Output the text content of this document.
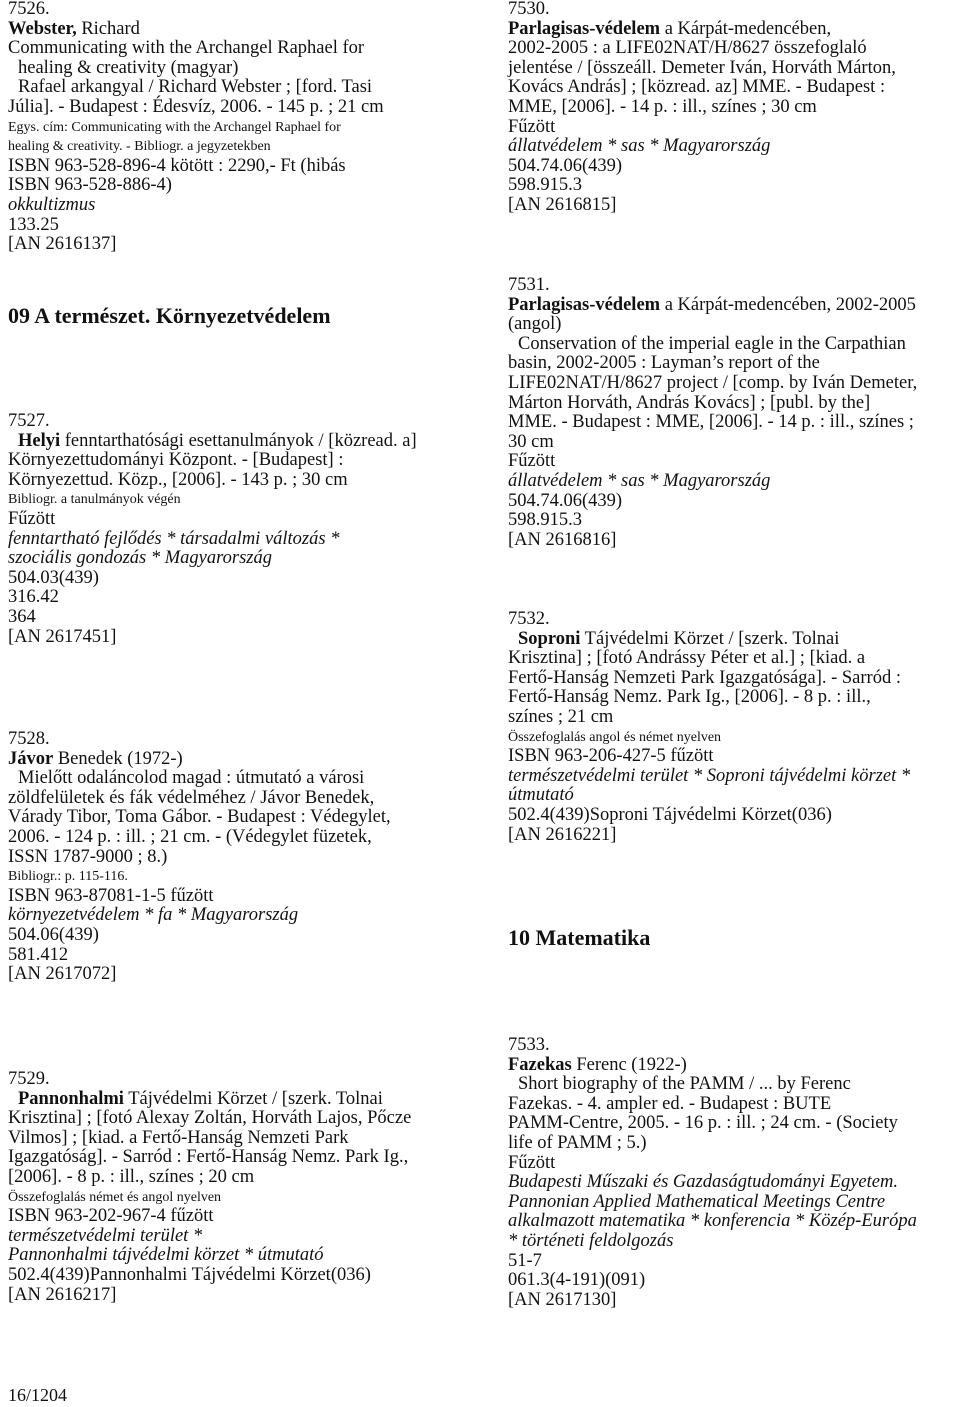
7526.
Webster, Richard
Communicating with the Archangel Raphael for
healing & creativity (magyar)
Rafael arkangyal / Richard Webster ; [ford. Tasi
Júlia]. - Budapest : Édesvíz, 2006. - 145 p. ; 21 cm
Egys. cím: Communicating with the Archangel Raphael for
healing & creativity. - Bibliogr. a jegyzetekben
ISBN 963-528-896-4 kötött : 2290,- Ft (hibás
ISBN 963-528-886-4)
okkultizmus
133.25
[AN 2616137]
09 A természet. Környezetvédelem
7527.
Helyi fenntarthatósági esettanulmányok / [közread. a]
Környezettudományi Központ. - [Budapest] :
Környezettud. Közp., [2006]. - 143 p. ; 30 cm
Bibliogr. a tanulmányok végén
Fűzött
fenntartható fejlődés * társadalmi változás *
szociális gondozás * Magyarország
504.03(439)
316.42
364
[AN 2617451]
7528.
Jávor Benedek (1972-)
Mielőtt odaláncolod magad : útmutató a városi
zöldfelületek és fák védelméhez / Jávor Benedek,
Várady Tibor, Toma Gábor. - Budapest : Védegylet,
2006. - 124 p. : ill. ; 21 cm. - (Védegylet füzetek,
ISSN 1787-9000 ; 8.)
Bibliogr.: p. 115-116.
ISBN 963-87081-1-5 fűzött
környezetvédelem * fa * Magyarország
504.06(439)
581.412
[AN 2617072]
7529.
Pannonhalmi Tájvédelmi Körzet / [szerk. Tolnai
Krisztina] ; [fotó Alexay Zoltán, Horváth Lajos, Pőcze
Vilmos] ; [kiad. a Fertő-Hanság Nemzeti Park
Igazgatóság]. - Sarród : Fertő-Hanság Nemz. Park Ig.,
[2006]. - 8 p. : ill., színes ; 20 cm
Összefoglalás német és angol nyelven
ISBN 963-202-967-4 fűzött
természetvédelmi terület *
Pannonhalmi tájvédelmi körzet * útmutató
502.4(439)Pannonhalmi Tájvédelmi Körzet(036)
[AN 2616217]
7530.
Parlagisas-védelem a Kárpát-medencében,
2002-2005 : a LIFE02NAT/H/8627 összefoglaló
jelentése / [összeáll. Demeter Iván, Horváth Márton,
Kovács András] ; [közread. az] MME. - Budapest :
MME, [2006]. - 14 p. : ill., színes ; 30 cm
Fűzött
állatvédelem * sas * Magyarország
504.74.06(439)
598.915.3
[AN 2616815]
7531.
Parlagisas-védelem a Kárpát-medencében, 2002-2005
(angol)
Conservation of the imperial eagle in the Carpathian
basin, 2002-2005 : Layman’s report of the
LIFE02NAT/H/8627 project / [comp. by Iván Demeter,
Márton Horváth, András Kovács] ; [publ. by the]
MME. - Budapest : MME, [2006]. - 14 p. : ill., színes ;
30 cm
Fűzött
állatvédelem * sas * Magyarország
504.74.06(439)
598.915.3
[AN 2616816]
7532.
Soproni Tájvédelmi Körzet / [szerk. Tolnai
Krisztina] ; [fotó Andrássy Péter et al.] ; [kiad. a
Fertő-Hanság Nemzeti Park Igazgatósága]. - Sarród :
Fertő-Hanság Nemz. Park Ig., [2006]. - 8 p. : ill.,
színes ; 21 cm
Összefoglalás angol és német nyelven
ISBN 963-206-427-5 fűzött
természetvédelmi terület * Soproni tájvédelmi körzet *
útmutató
502.4(439)Soproni Tájvédelmi Körzet(036)
[AN 2616221]
10 Matematika
7533.
Fazekas Ferenc (1922-)
Short biography of the PAMM / ... by Ferenc
Fazekas. - 4. ampler ed. - Budapest : BUTE
PAMM-Centre, 2005. - 16 p. : ill. ; 24 cm. - (Society
life of PAMM ; 5.)
Fűzött
Budapesti Műszaki és Gazdaságtudományi Egyetem.
Pannonian Applied Mathematical Meetings Centre
alkalmazott matematika * konferencia * Közép-Európa
* történeti feldolgozás
51-7
061.3(4-191)(091)
[AN 2617130]
16/1204
